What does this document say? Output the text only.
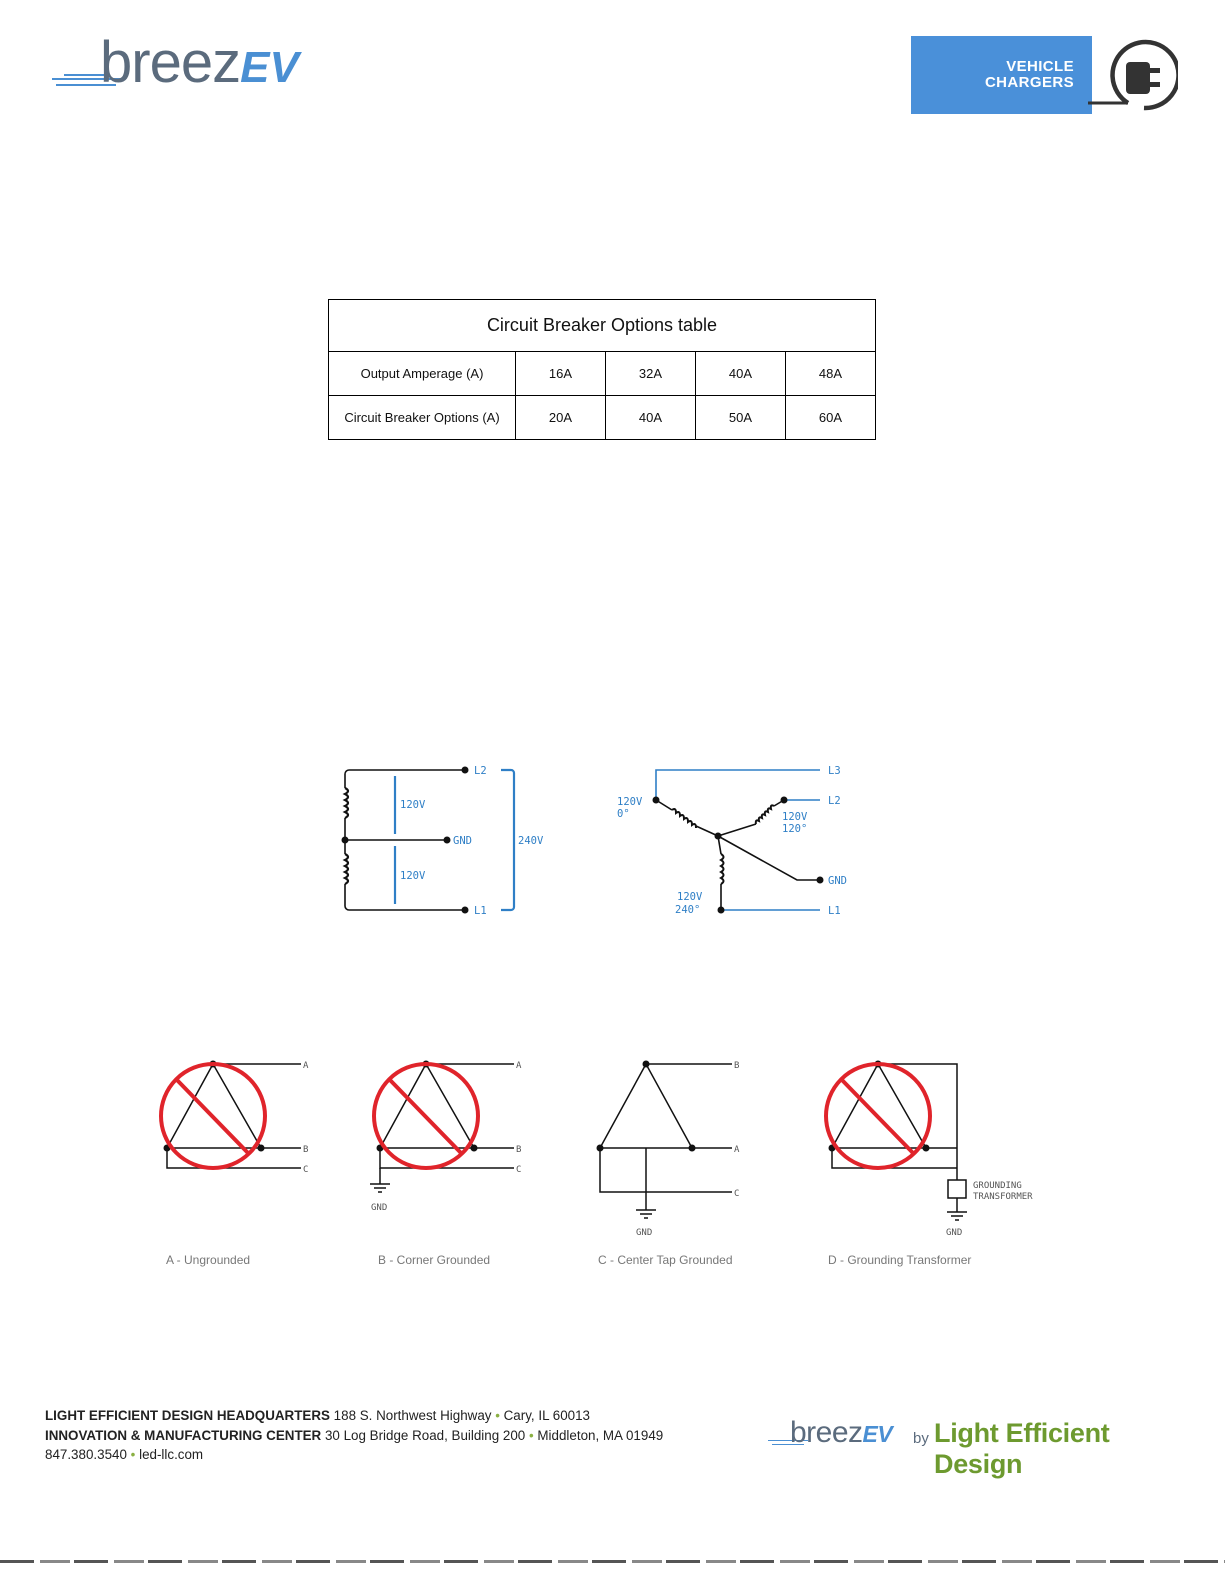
breezEV	VEHICLE
CHARGERS
Circuit Breaker Options table				
Output Amperage (A)	16A	32A	40A	48A
Circuit Breaker Options (A)	20A	40A	50A	60A
L2
GND
L1
120V
120V
240V
L3
L2
GND
L1
120V
0°	120V
120°
120V
240°
A
B
C
A - Ungrounded
A
B
C
GND
B - Corner Grounded
B
A
C
GND
C - Center Tap Grounded
GROUNDING
TRANSFORMER
GND
D - Grounding Transformer
LIGHT EFFICIENT DESIGN HEADQUARTERS 188 S. Northwest Highway • Cary, IL 60013
INNOVATION & MANUFACTURING CENTER 30 Log Bridge Road, Building 200 • Middleton, MA 01949
847.380.3540 • led-llc.com
breezEV by Light Efficient Design
